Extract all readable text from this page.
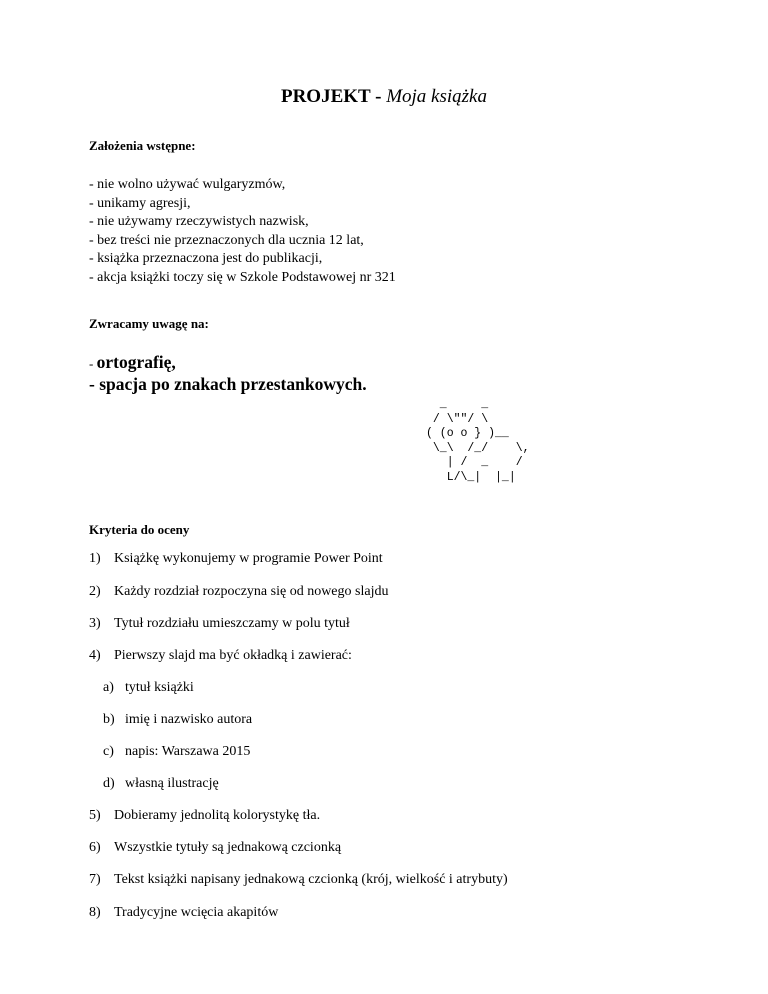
PROJEKT - Moja książka
Założenia wstępne:
- nie wolno używać wulgaryzmów,
- unikamy agresji,
- nie używamy rzeczywistych nazwisk,
- bez treści nie przeznaczonych dla ucznia 12 lat,
- książka przeznaczona jest do publikacji,
- akcja książki toczy się w Szkole Podstawowej nr 321
Zwracamy uwagę na:
- ortografię,
- spacja po znakach przestankowych.
_     _
/ \""/ \
( (o o } )__
\_\  /_/    \,
| /  _    /
L/\_|  |_|
Kryteria do oceny
1) Książkę wykonujemy w programie Power Point
2) Każdy rozdział rozpoczyna się od nowego slajdu
3) Tytuł rozdziału umieszczamy w polu tytuł
4) Pierwszy slajd ma być okładką i zawierać:
a) tytuł książki
b) imię i nazwisko autora
c) napis: Warszawa 2015
d) własną ilustrację
5) Dobieramy jednolitą kolorystykę tła.
6) Wszystkie tytuły są jednakową czcionką
7) Tekst książki napisany jednakową czcionką (krój, wielkość i atrybuty)
8) Tradycyjne wcięcia akapitów
